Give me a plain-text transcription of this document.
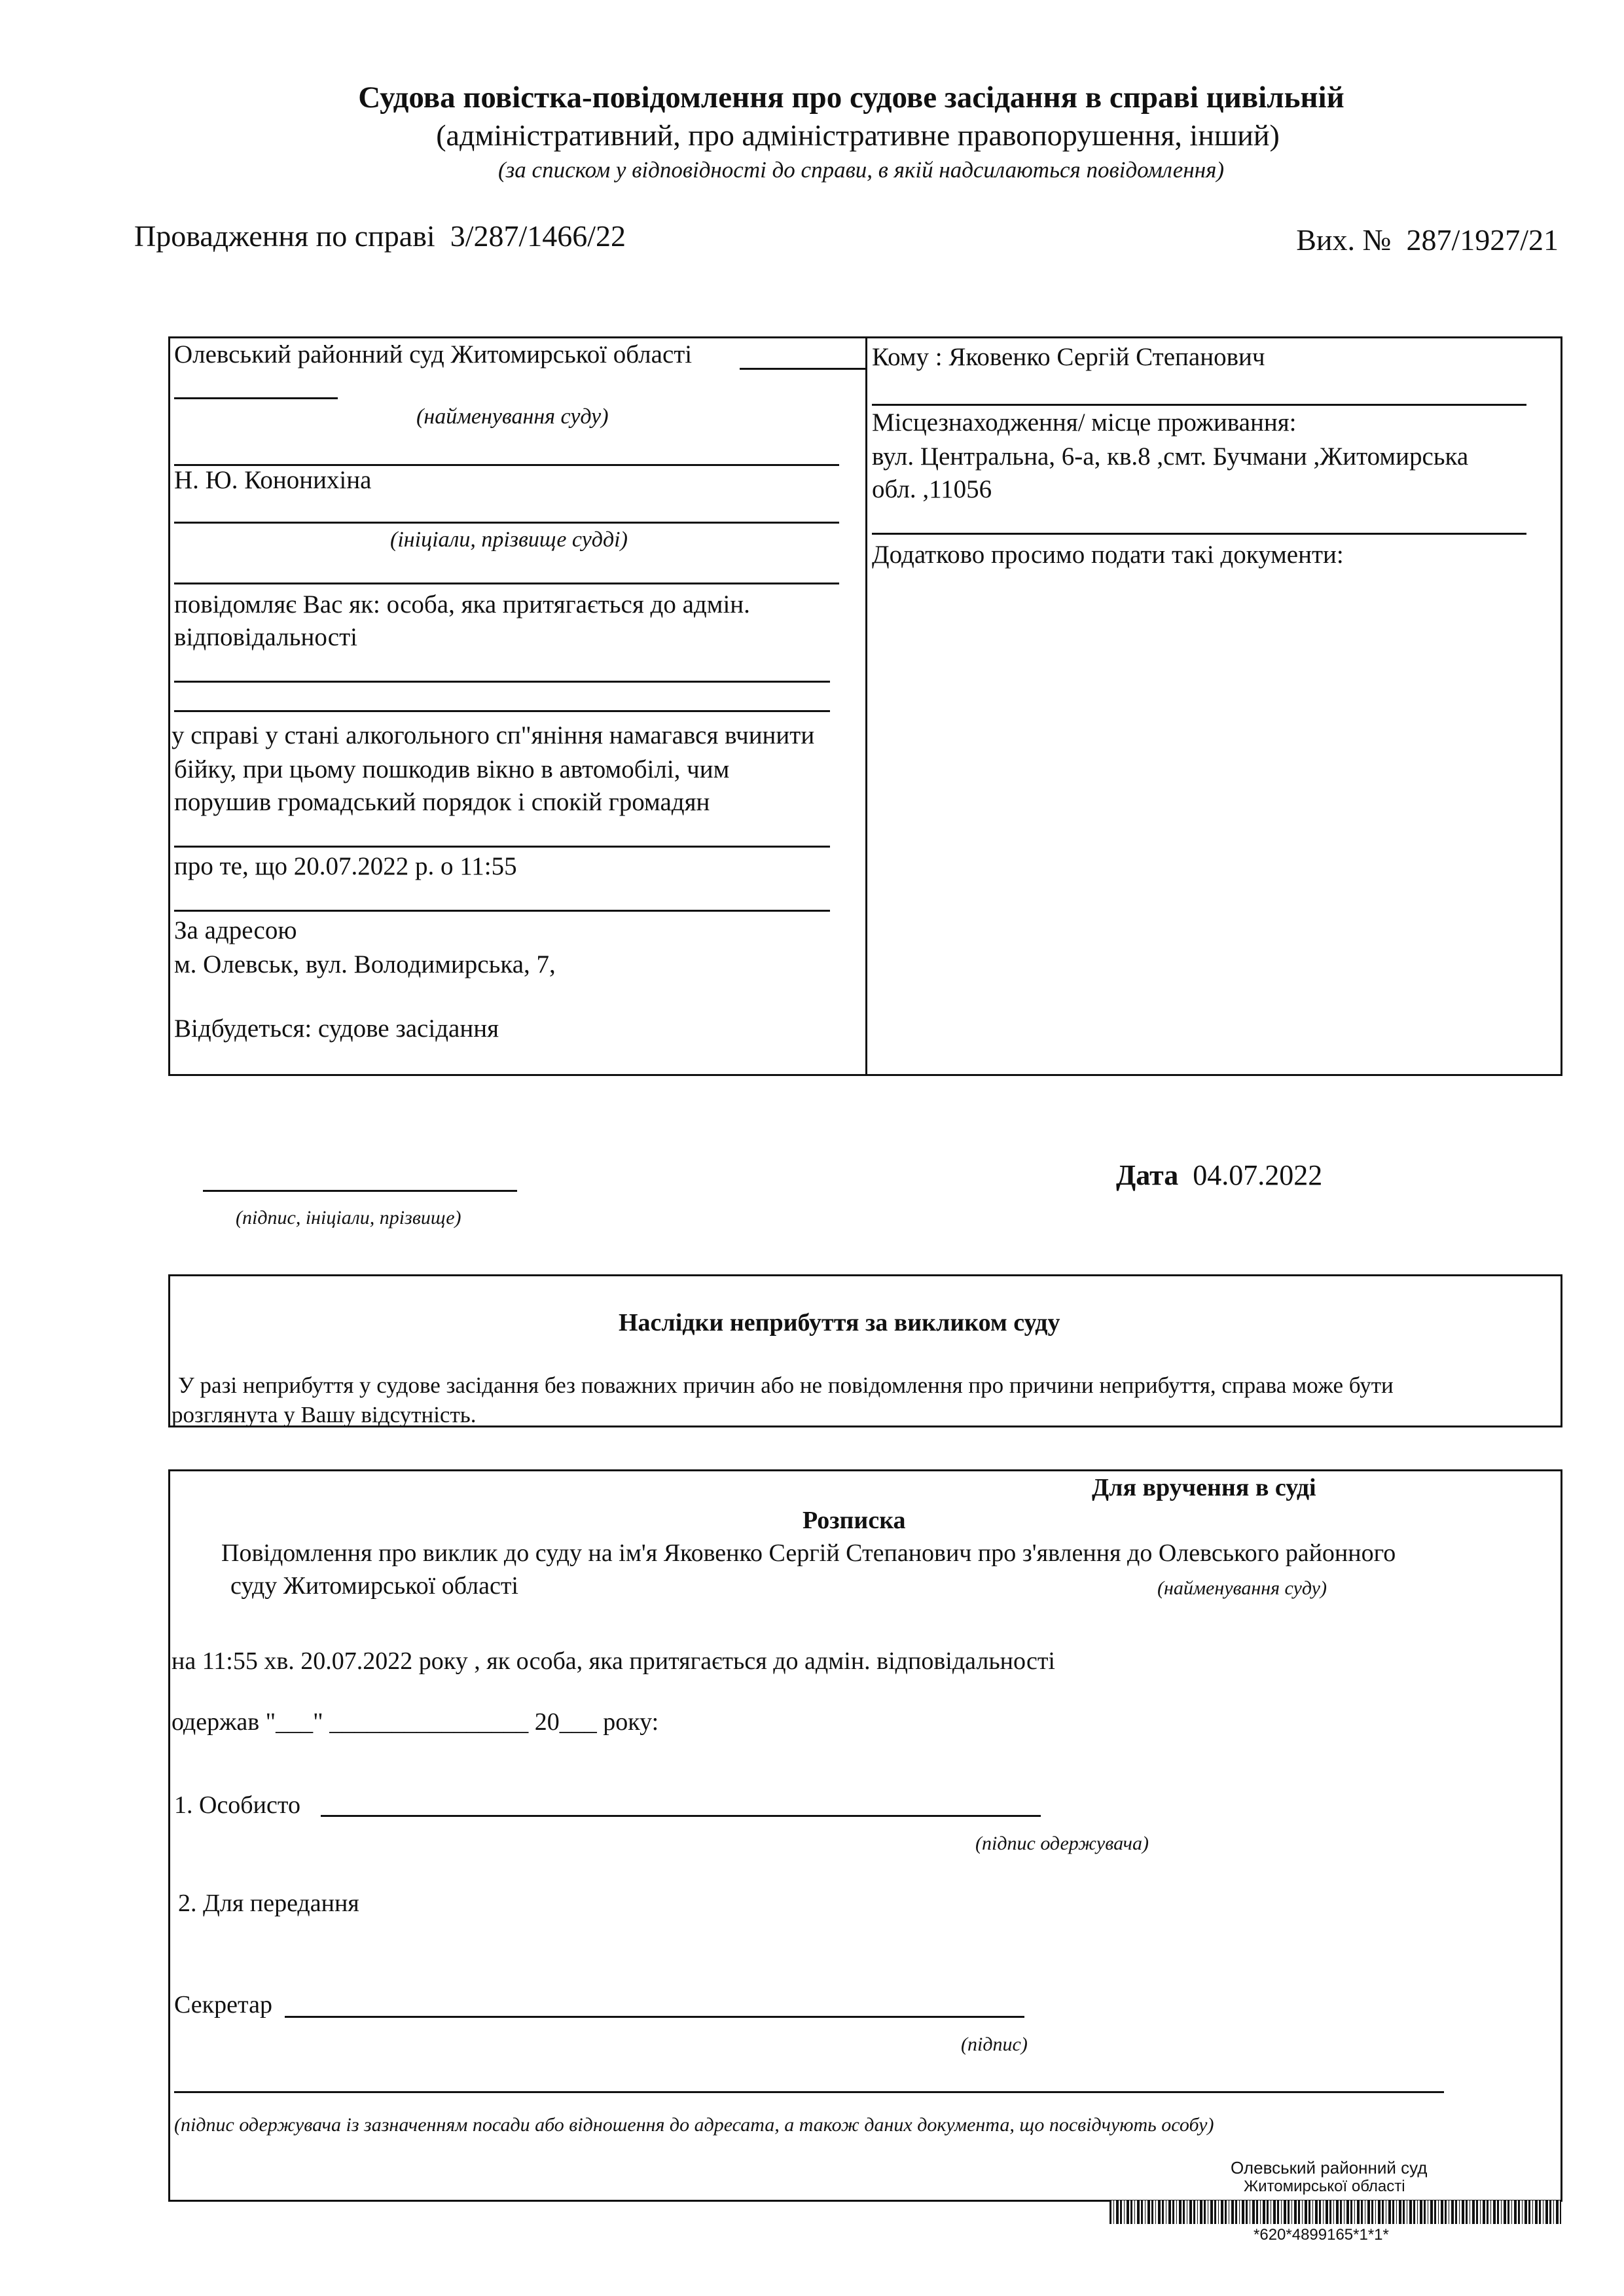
Судова повістка-повідомлення про судове засідання в справі цивільній
(адміністративний, про адміністративне правопорушення, інший)
(за списком у відповідності до справи, в якій надсилаються повідомлення)
Провадження по справі 3/287/1466/22	Вих. № 287/1927/21
Олевський районний суд Житомирської області
(найменування суду)
Н. Ю. Конониxіна
(ініціали, прізвище судді)
повідомляє Вас як: особа, яка притягається до адмін.
відповідальності
у справі у стані алкогольного сп"яніння намагався вчинити
бійку, при цьому пошкодив вікно в автомобілі, чим
порушив громадський порядок і спокій громадян
про те, що 20.07.2022 р. о 11:55
За адресою
м. Олевськ, вул. Володимирська, 7,
Відбудеться: судове засідання
Кому : Яковенко Сергій Степанович
Місцезнаходження/ місце проживання:
вул. Центральна, 6-а, кв.8 ,смт. Бучмани ,Житомирська
обл. ,11056
Додатково просимо подати такі документи:
(підпис, ініціали, прізвище)
Дата 04.07.2022
Наслідки неприбуття за викликом суду
У разі неприбуття у судове засідання без поважних причин або не повідомлення про причини неприбуття, справа може бути
розглянута у Вашу відсутність.
Для вручення в суді
Розписка
Повідомлення про виклик до суду на ім'я Яковенко Сергій Степанович про з'явлення до Олевського районного
суду Житомирської області	(найменування суду)
на 11:55 хв. 20.07.2022 року , як особа, яка притягається до адмін. відповідальності
одержав "___" ________________ 20___ року:
1. Особисто
(підпис одержувача)
2. Для передання
Секретар
(підпис)
(підпис одержувача із зазначенням посади або відношення до адресата, а також даних документа, що посвідчують особу)
Олевський районний суд
Житомирської області
*620*4899165*1*1*
